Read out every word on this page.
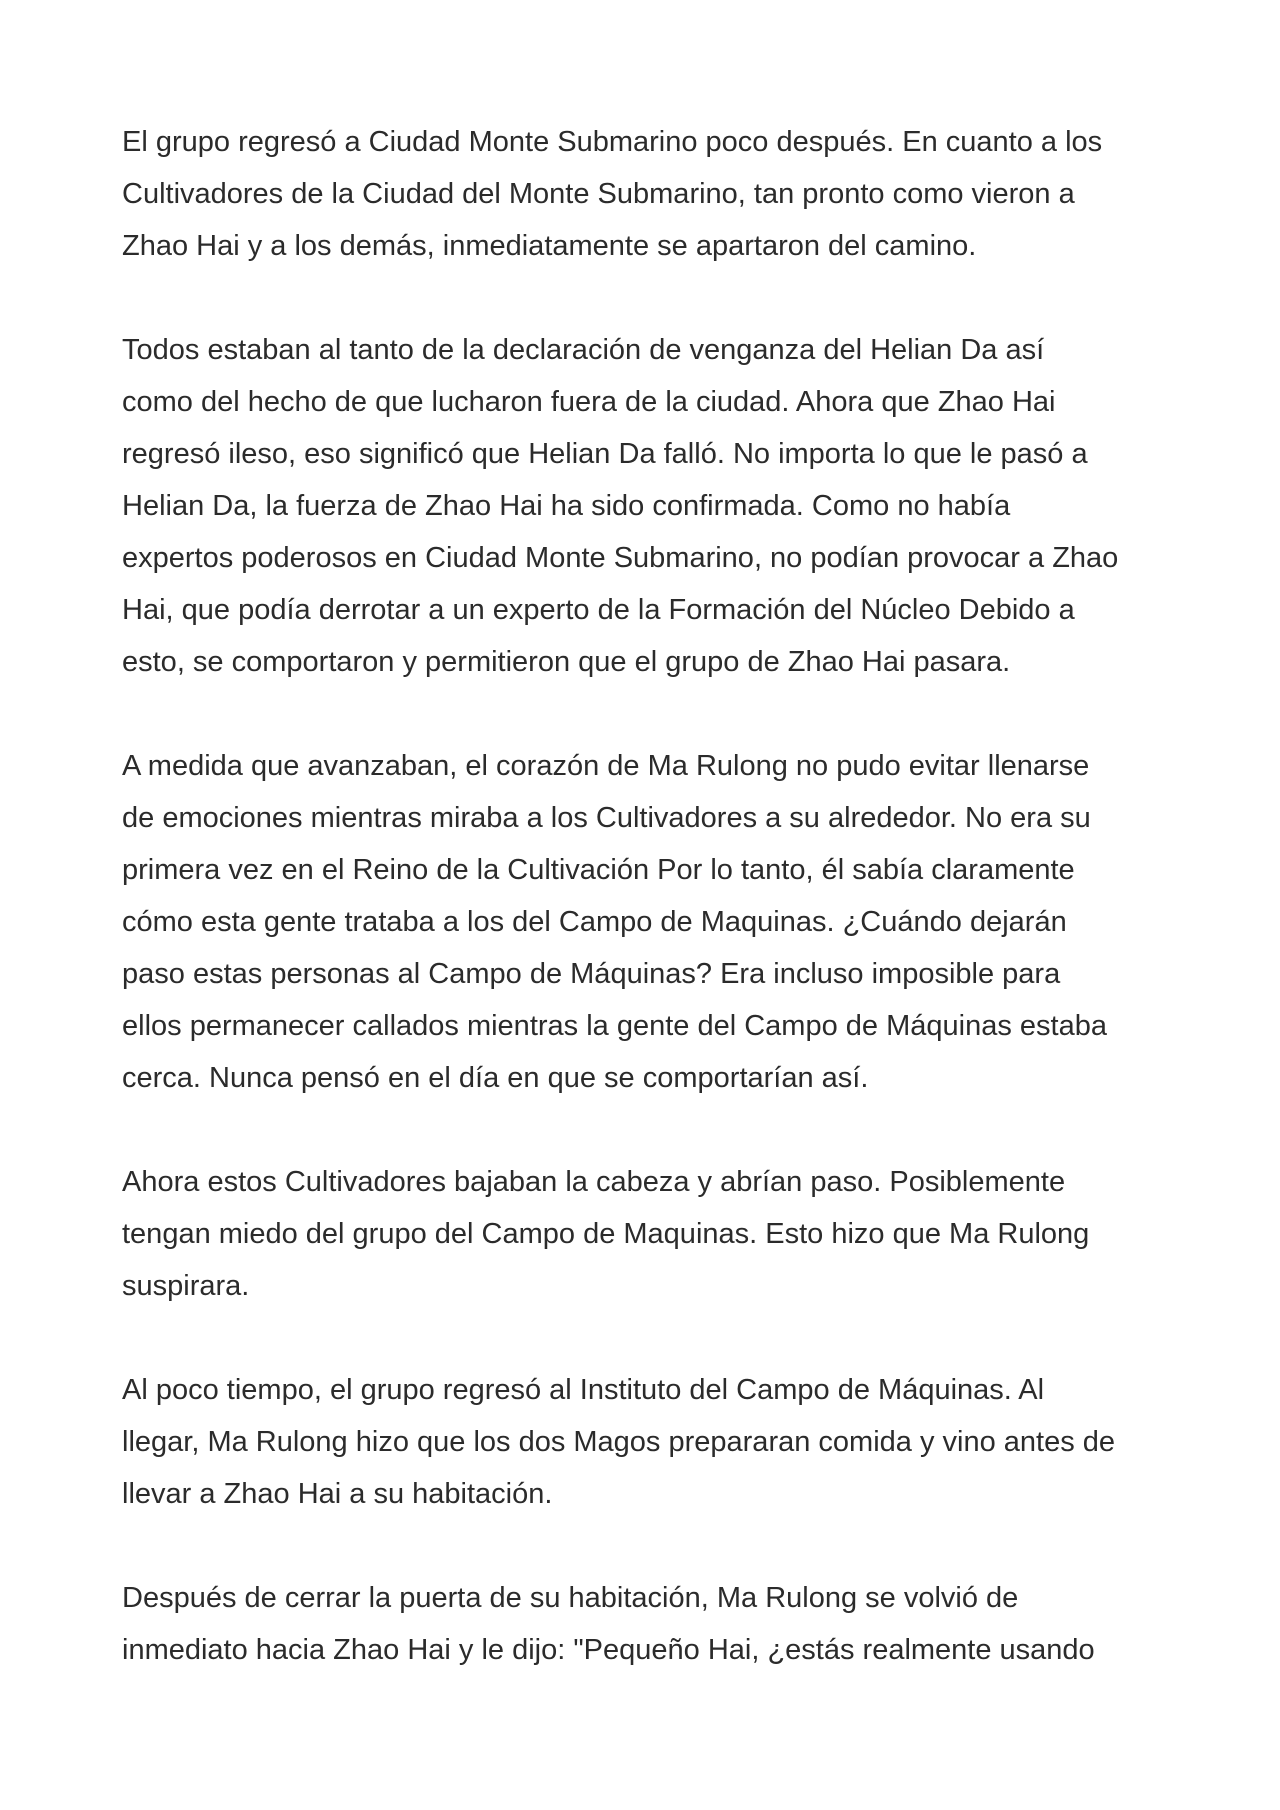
El grupo regresó a Ciudad Monte Submarino poco después. En cuanto a los
Cultivadores de la Ciudad del Monte Submarino, tan pronto como vieron a
Zhao Hai y a los demás, inmediatamente se apartaron del camino.

Todos estaban al tanto de la declaración de venganza del Helian Da así
como del hecho de que lucharon fuera de la ciudad. Ahora que Zhao Hai
regresó ileso, eso significó que Helian Da falló. No importa lo que le pasó a
Helian Da, la fuerza de Zhao Hai ha sido confirmada. Como no había
expertos poderosos en Ciudad Monte Submarino, no podían provocar a Zhao
Hai, que podía derrotar a un experto de la Formación del Núcleo Debido a
esto, se comportaron y permitieron que el grupo de Zhao Hai pasara.

A medida que avanzaban, el corazón de Ma Rulong no pudo evitar llenarse
de emociones mientras miraba a los Cultivadores a su alrededor. No era su
primera vez en el Reino de la Cultivación Por lo tanto, él sabía claramente
cómo esta gente trataba a los del Campo de Maquinas. ¿Cuándo dejarán
paso estas personas al Campo de Máquinas? Era incluso imposible para
ellos permanecer callados mientras la gente del Campo de Máquinas estaba
cerca. Nunca pensó en el día en que se comportarían así.

Ahora estos Cultivadores bajaban la cabeza y abrían paso. Posiblemente
tengan miedo del grupo del Campo de Maquinas. Esto hizo que Ma Rulong
suspirara.

Al poco tiempo, el grupo regresó al Instituto del Campo de Máquinas. Al
llegar, Ma Rulong hizo que los dos Magos prepararan comida y vino antes de
llevar a Zhao Hai a su habitación.

Después de cerrar la puerta de su habitación, Ma Rulong se volvió de
inmediato hacia Zhao Hai y le dijo: "Pequeño Hai, ¿estás realmente usando
